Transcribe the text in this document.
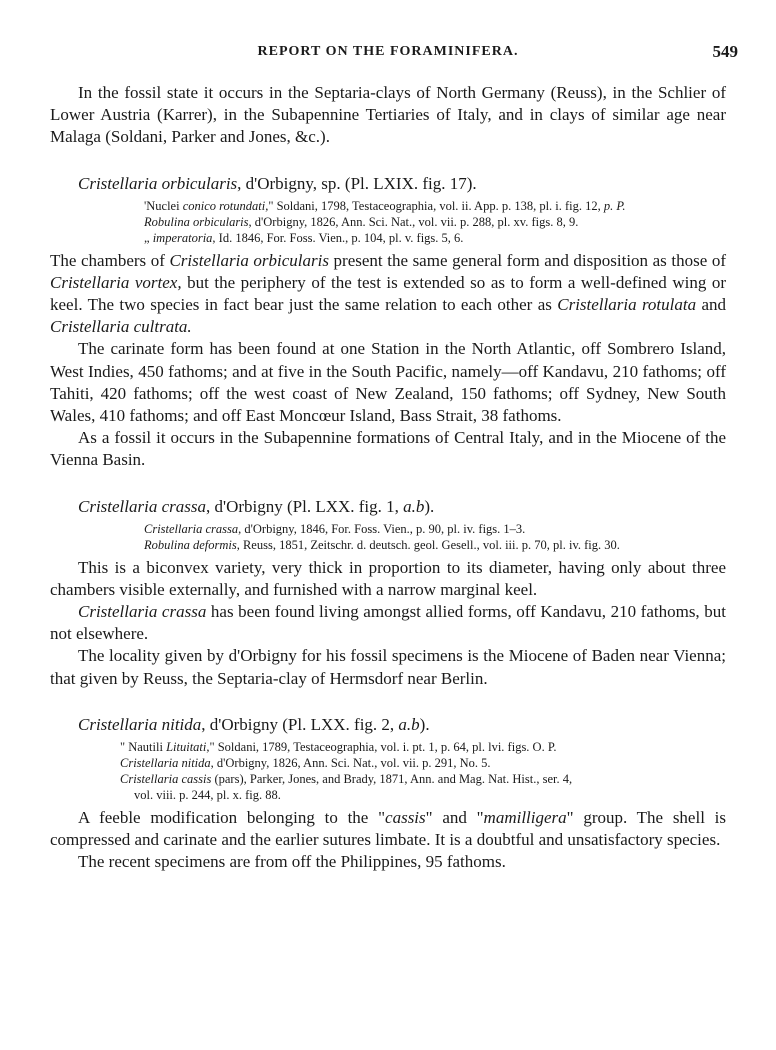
REPORT ON THE FORAMINIFERA.	549

In the fossil state it occurs in the Septaria-clays of North Germany (Reuss), in the Schlier of Lower Austria (Karrer), in the Subapennine Tertiaries of Italy, and in clays of similar age near Malaga (Soldani, Parker and Jones, &c.).

Cristellaria orbicularis, d'Orbigny, sp. (Pl. LXIX. fig. 17).
'Nuclei conico rotundati," Soldani, 1798, Testaceographia, vol. ii. App. p. 138, pl. i. fig. 12, p. P.
Robulina orbicularis, d'Orbigny, 1826, Ann. Sci. Nat., vol. vii. p. 288, pl. xv. figs. 8, 9.
„ imperatoria, Id. 1846, For. Foss. Vien., p. 104, pl. v. figs. 5, 6.

The chambers of Cristellaria orbicularis present the same general form and disposition as those of Cristellaria vortex, but the periphery of the test is extended so as to form a well-defined wing or keel. The two species in fact bear just the same relation to each other as Cristellaria rotulata and Cristellaria cultrata.

The carinate form has been found at one Station in the North Atlantic, off Sombrero Island, West Indies, 450 fathoms; and at five in the South Pacific, namely—off Kandavu, 210 fathoms; off Tahiti, 420 fathoms; off the west coast of New Zealand, 150 fathoms; off Sydney, New South Wales, 410 fathoms; and off East Moncœur Island, Bass Strait, 38 fathoms.

As a fossil it occurs in the Subapennine formations of Central Italy, and in the Miocene of the Vienna Basin.

Cristellaria crassa, d'Orbigny (Pl. LXX. fig. 1, a.b).
Cristellaria crassa, d'Orbigny, 1846, For. Foss. Vien., p. 90, pl. iv. figs. 1–3.
Robulina deformis, Reuss, 1851, Zeitschr. d. deutsch. geol. Gesell., vol. iii. p. 70, pl. iv. fig. 30.

This is a biconvex variety, very thick in proportion to its diameter, having only about three chambers visible externally, and furnished with a narrow marginal keel.

Cristellaria crassa has been found living amongst allied forms, off Kandavu, 210 fathoms, but not elsewhere.

The locality given by d'Orbigny for his fossil specimens is the Miocene of Baden near Vienna; that given by Reuss, the Septaria-clay of Hermsdorf near Berlin.

Cristellaria nitida, d'Orbigny (Pl. LXX. fig. 2, a.b).
" Nautili Lituitati," Soldani, 1789, Testaceographia, vol. i. pt. 1, p. 64, pl. lvi. figs. O. P.
Cristellaria nitida, d'Orbigny, 1826, Ann. Sci. Nat., vol. vii. p. 291, No. 5.
Cristellaria cassis (pars), Parker, Jones, and Brady, 1871, Ann. and Mag. Nat. Hist., ser. 4,
vol. viii. p. 244, pl. x. fig. 88.

A feeble modification belonging to the "cassis" and "mamilligera" group. The shell is compressed and carinate and the earlier sutures limbate. It is a doubtful and unsatisfactory species.

The recent specimens are from off the Philippines, 95 fathoms.
